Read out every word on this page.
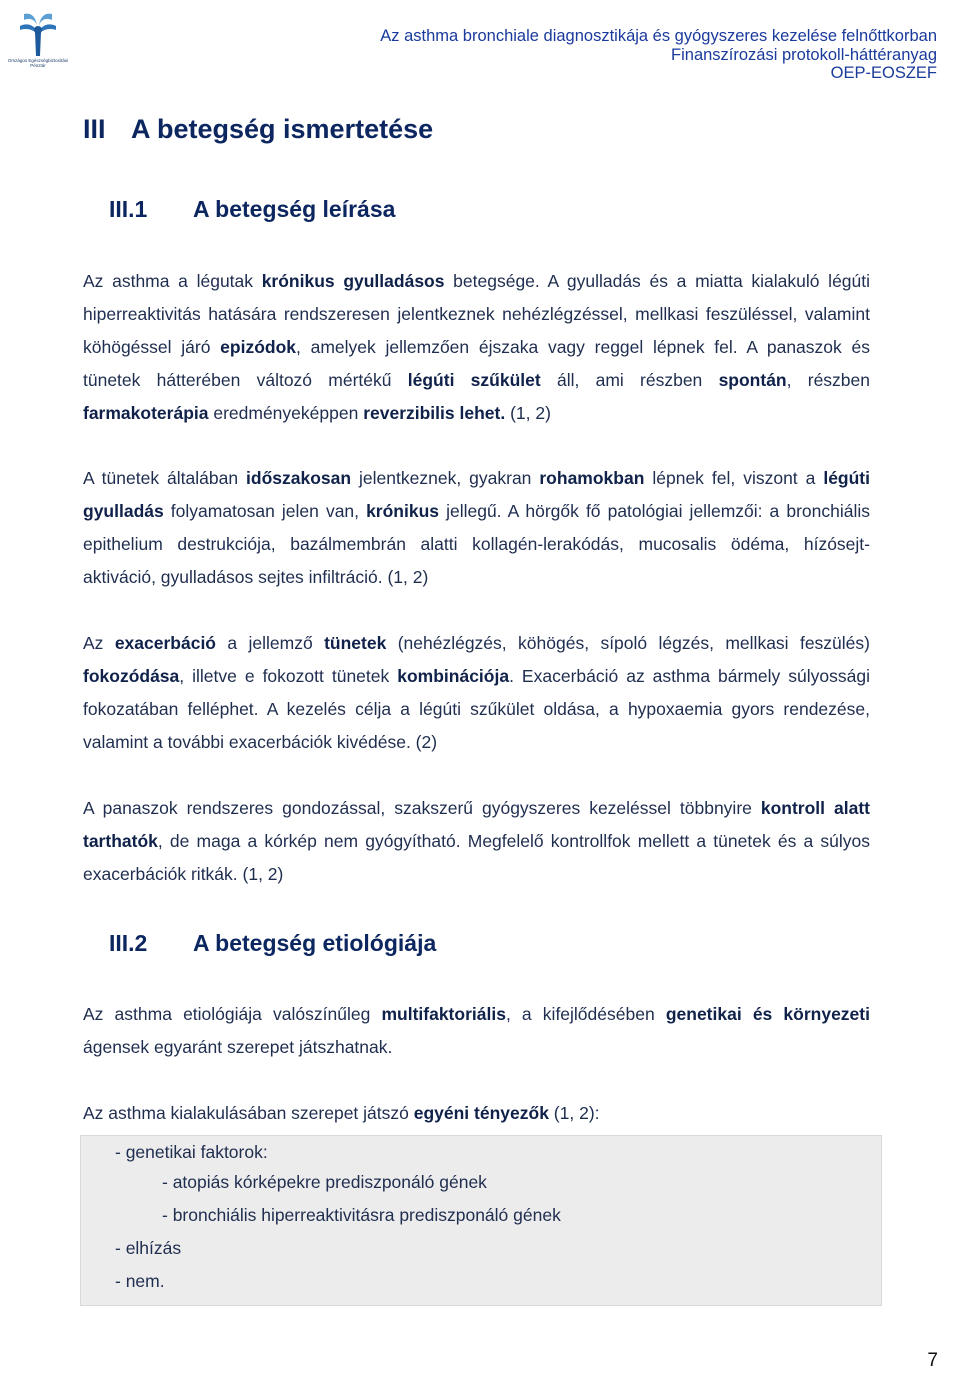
Országos Egészségbiztosítási Pénztár
Az asthma bronchiale diagnosztikája és gyógyszeres kezelése felnőttkorban
Finanszírozási protokoll-háttéranyag
OEP-EOSZEF
III A betegség ismertetése
III.1 A betegség leírása

Az asthma a légutak krónikus gyulladásos betegsége. A gyulladás és a miatta kialakuló légúti hiperreaktivitás hatására rendszeresen jelentkeznek nehézlégzéssel, mellkasi feszüléssel, valamint köhögéssel járó epizódok, amelyek jellemzően éjszaka vagy reggel lépnek fel. A panaszok és tünetek hátterében változó mértékű légúti szűkület áll, ami részben spontán, részben farmakoterápia eredményeképpen reverzibilis lehet. (1, 2)

A tünetek általában időszakosan jelentkeznek, gyakran rohamokban lépnek fel, viszont a légúti gyulladás folyamatosan jelen van, krónikus jellegű. A hörgők fő patológiai jellemzői: a bronchiális epithelium destrukciója, bazálmembrán alatti kollagén-lerakódás, mucosalis ödéma, hízósejt-aktiváció, gyulladásos sejtes infiltráció. (1, 2)

Az exacerbáció a jellemző tünetek (nehézlégzés, köhögés, sípoló légzés, mellkasi feszülés) fokozódása, illetve e fokozott tünetek kombinációja. Exacerbáció az asthma bármely súlyossági fokozatában felléphet. A kezelés célja a légúti szűkület oldása, a hypoxaemia gyors rendezése, valamint a további exacerbációk kivédése. (2)

A panaszok rendszeres gondozással, szakszerű gyógyszeres kezeléssel többnyire kontroll alatt tarthatók, de maga a kórkép nem gyógyítható. Megfelelő kontrollfok mellett a tünetek és a súlyos exacerbációk ritkák. (1, 2)

III.2 A betegség etiológiája

Az asthma etiológiája valószínűleg multifaktoriális, a kifejlődésében genetikai és környezeti ágensek egyaránt szerepet játszhatnak.

Az asthma kialakulásában szerepet játszó egyéni tényezők (1, 2):

- genetikai faktorok:
- atopiás kórképekre prediszponáló gének
- bronchiális hiperreaktivitásra prediszponáló gének
- elhízás
- nem.
7
